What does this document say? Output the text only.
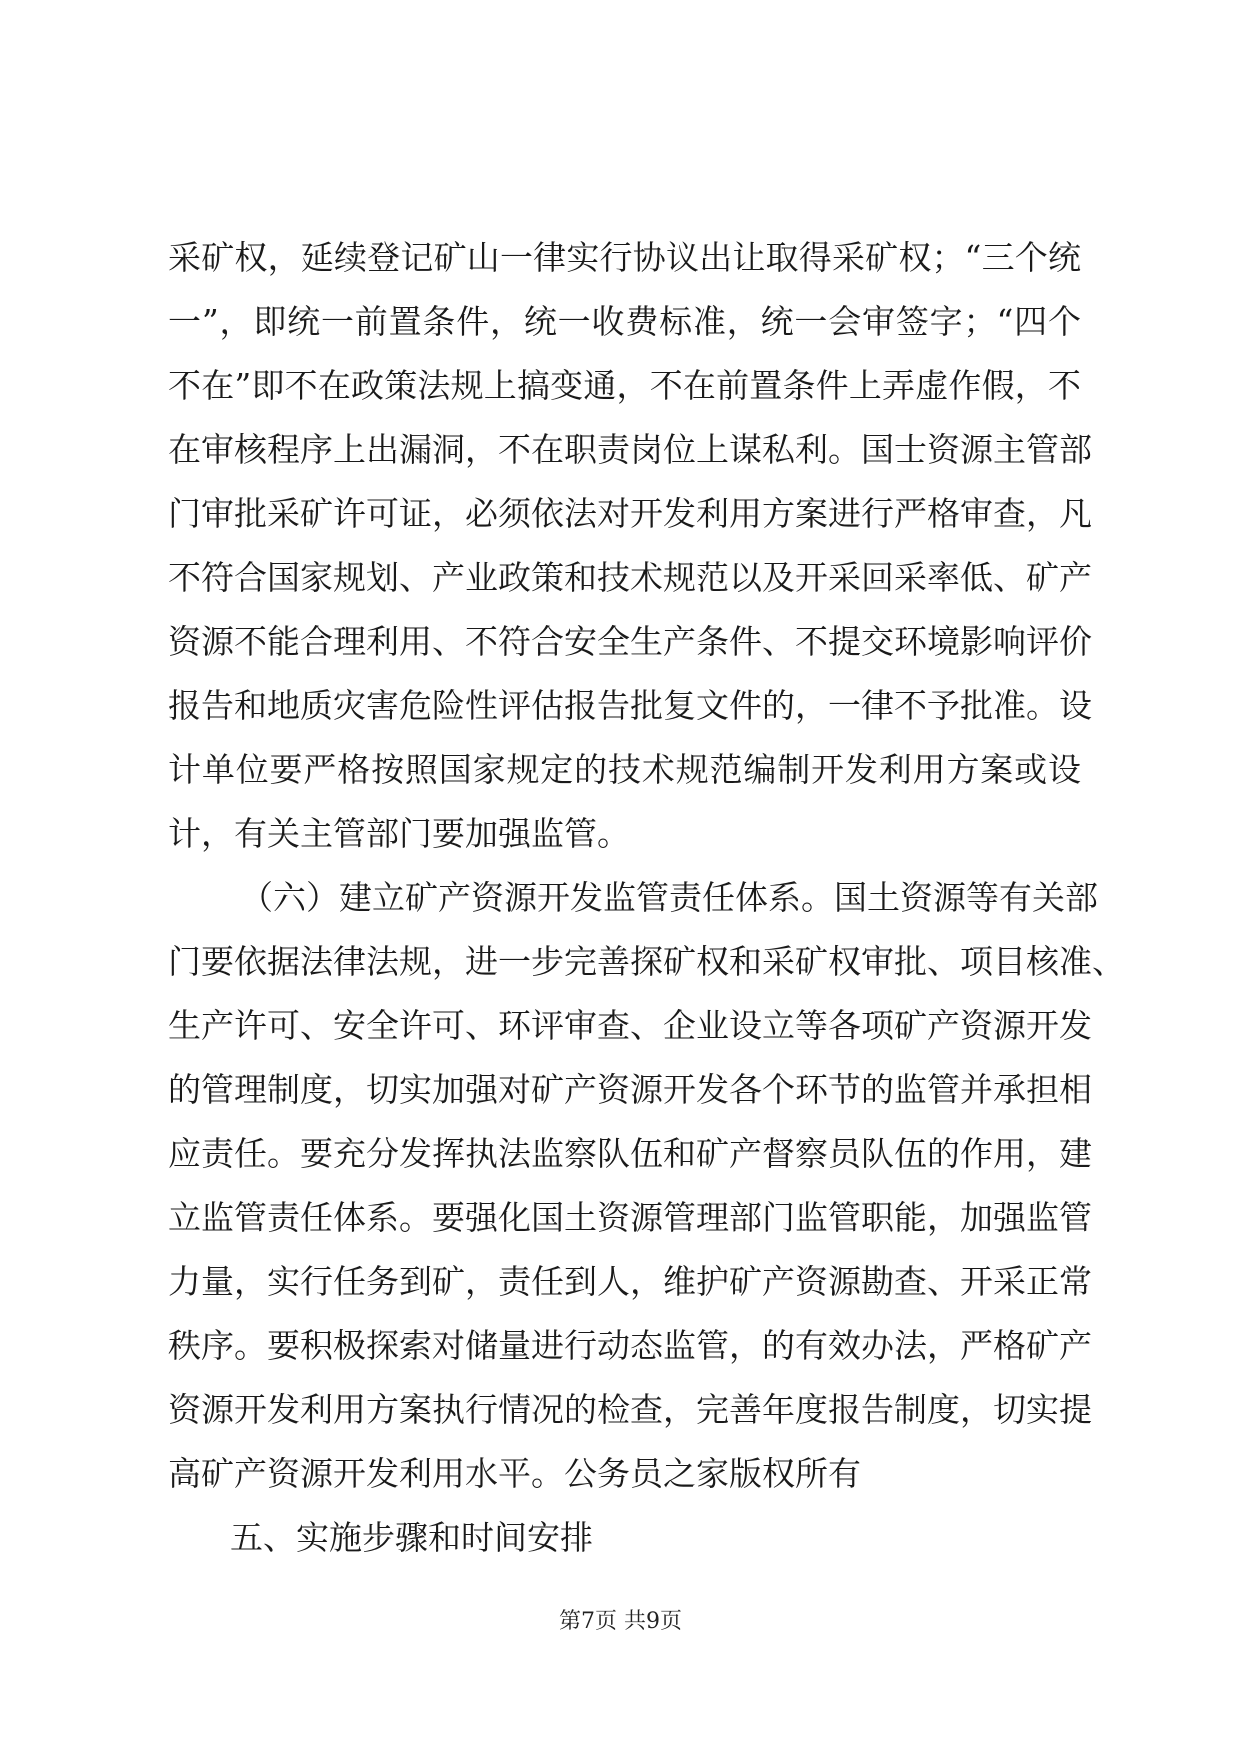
采矿权，延续登记矿山一律实行协议出让取得采矿权；“三个统
一”，即统一前置条件，统一收费标准，统一会审签字；“四个
不在”即不在政策法规上搞变通，不在前置条件上弄虚作假，不
在审核程序上出漏洞，不在职责岗位上谋私利。国士资源主管部
门审批采矿许可证，必须依法对开发利用方案进行严格审查，凡
不符合国家规划、产业政策和技术规范以及开采回采率低、矿产
资源不能合理利用、不符合安全生产条件、不提交环境影响评价
报告和地质灾害危险性评估报告批复文件的，一律不予批准。设
计单位要严格按照国家规定的技术规范编制开发利用方案或设
计，有关主管部门要加强监管。
（六）建立矿产资源开发监管责任体系。国土资源等有关部
门要依据法律法规，进一步完善探矿权和采矿权审批、项目核准、
生产许可、安全许可、环评审查、企业设立等各项矿产资源开发
的管理制度，切实加强对矿产资源开发各个环节的监管并承担相
应责任。要充分发挥执法监察队伍和矿产督察员队伍的作用，建
立监管责任体系。要强化国土资源管理部门监管职能，加强监管
力量，实行任务到矿，责任到人，维护矿产资源勘查、开采正常
秩序。要积极探索对储量进行动态监管，的有效办法，严格矿产
资源开发利用方案执行情况的检查，完善年度报告制度，切实提
高矿产资源开发利用水平。公务员之家版权所有
五、实施步骤和时间安排
第7页 共9页
